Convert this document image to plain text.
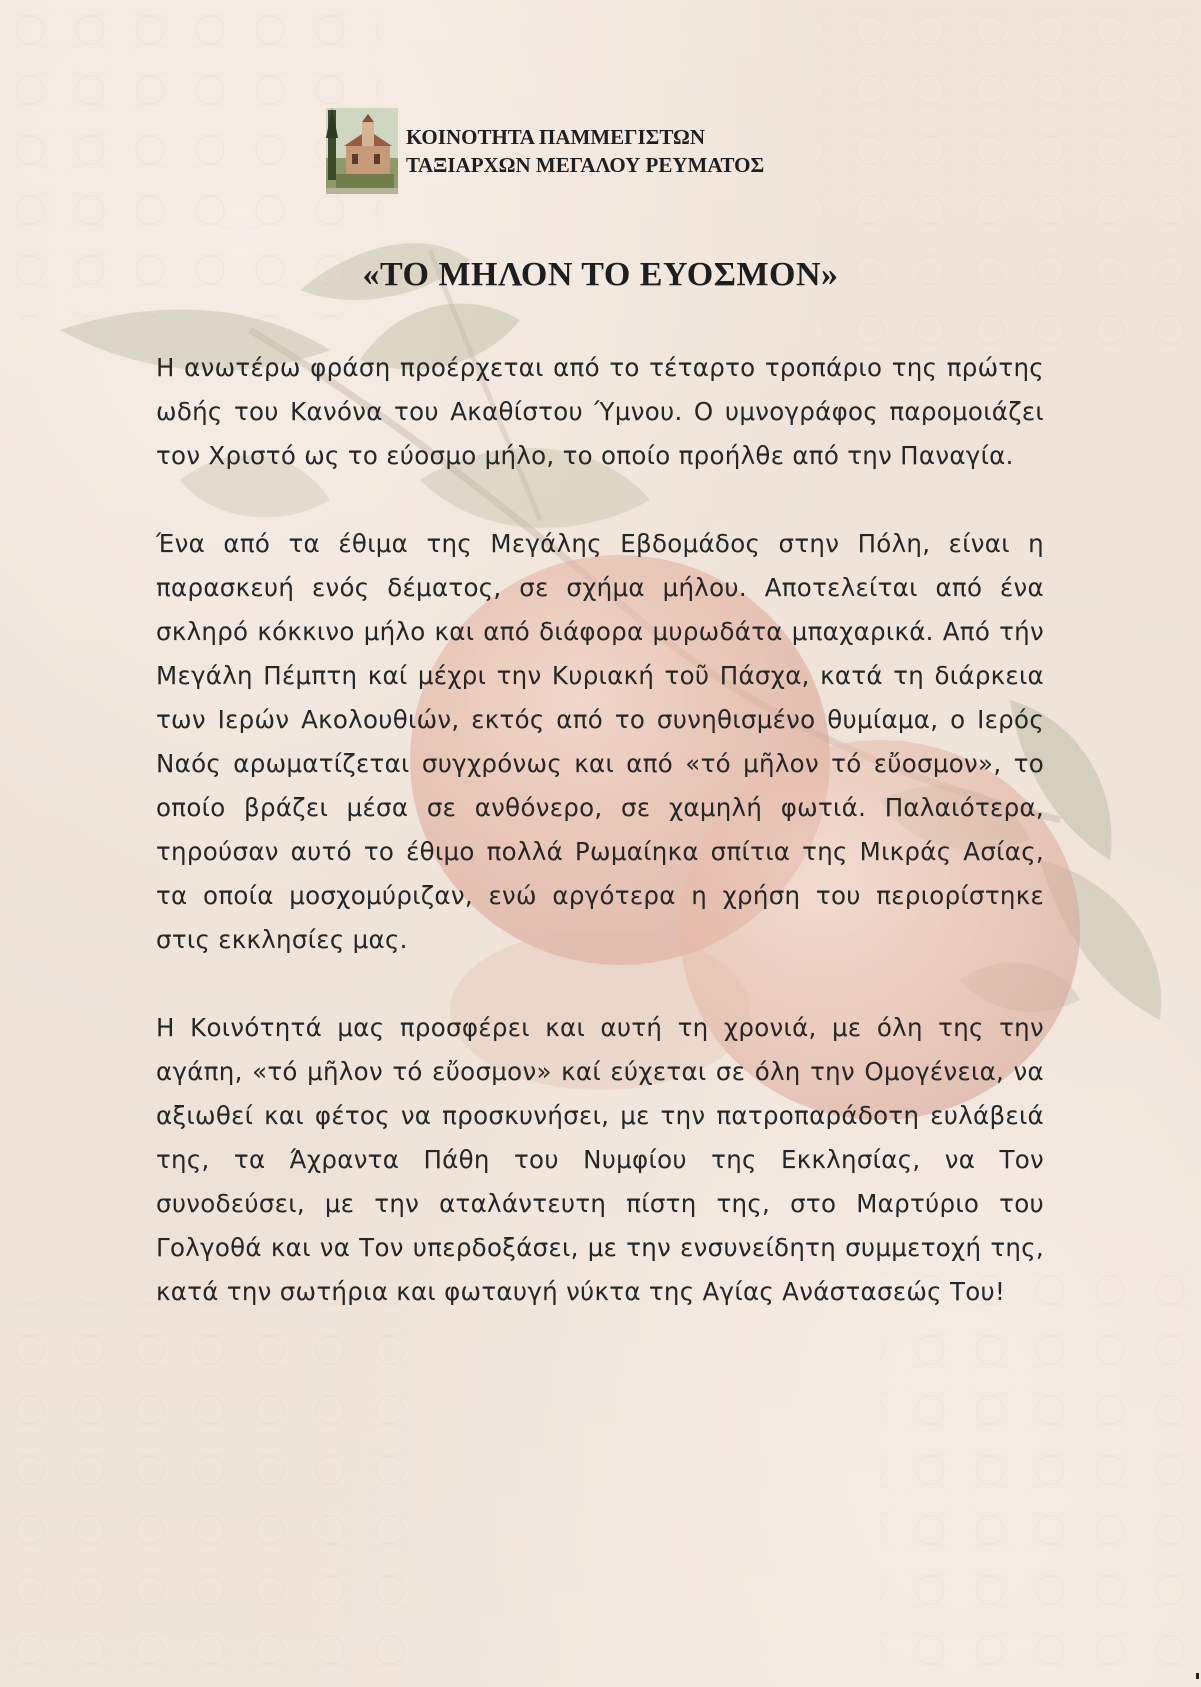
ΚΟΙΝΟΤΗΤΑ ΠΑΜΜΕΓΙΣΤΩΝ
ΤΑΞΙΑΡΧΩΝ ΜΕΓΑΛΟΥ ΡΕΥΜΑΤΟΣ
«ΤΟ ΜΗΛΟΝ ΤΟ ΕΥΟΣΜΟΝ»

Η ανωτέρω φράση προέρχεται από το τέταρτο τροπάριο της πρώτης ωδής του Κανόνα του Ακαθίστου Ύμνου. Ο υμνογράφος παρομοιάζει τον Χριστό ως το εύοσμο μήλο, το οποίο προήλθε από την Παναγία.

Ένα από τα έθιμα της Μεγάλης Εβδομάδος στην Πόλη, είναι η παρασκευή ενός δέματος, σε σχήμα μήλου. Αποτελείται από ένα σκληρό κόκκινο μήλο και από διάφορα μυρωδάτα μπαχαρικά. Από τήν Μεγάλη Πέμπτη καί μέχρι την Κυριακή τοῦ Πάσχα, κατά τη διάρκεια των Ιερών Ακολουθιών, εκτός από το συνηθισμένο θυμίαμα, ο Ιερός Ναός αρωματίζεται συγχρόνως και από «τό μῆλον τό εὔοσμον», το οποίο βράζει μέσα σε ανθόνερο, σε χαμηλή φωτιά. Παλαιότερα, τηρούσαν αυτό το έθιμο πολλά Ρωμαίηκα σπίτια της Μικράς Ασίας, τα οποία μοσχομύριζαν, ενώ αργότερα η χρήση του περιορίστηκε στις εκκλησίες μας.

Η Κοινότητά μας προσφέρει και αυτή τη χρονιά, με όλη της την αγάπη, «τό μῆλον τό εὔοσμον» καί εύχεται σε όλη την Ομογένεια, να αξιωθεί και φέτος να προσκυνήσει, με την πατροπαράδοτη ευλάβειά της, τα Άχραντα Πάθη του Νυμφίου της Εκκλησίας, να Τον συνοδεύσει, με την αταλάντευτη πίστη της, στο Μαρτύριο του Γολγοθά και να Τον υπερδοξάσει, με την ενσυνείδητη συμμετοχή της, κατά την σωτήρια και φωταυγή νύκτα της Αγίας Ανάστασεώς Του!
